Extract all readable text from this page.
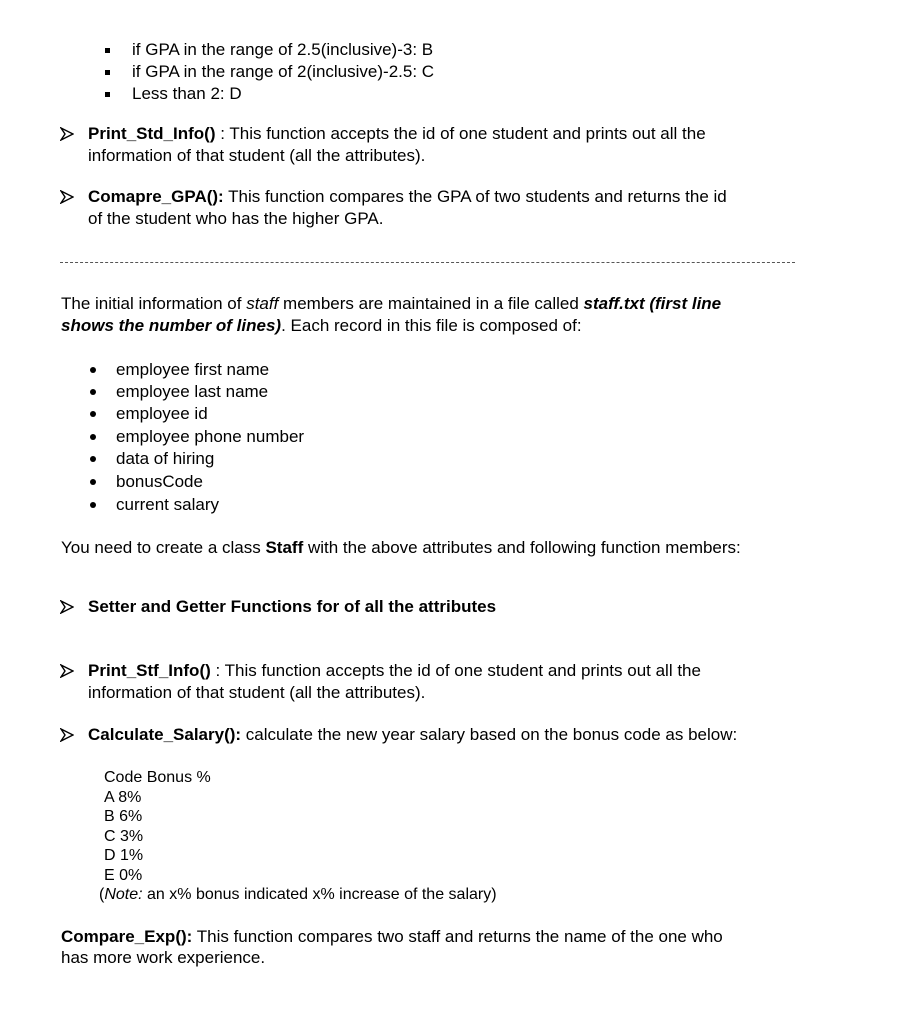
if GPA in the range of 2.5(inclusive)-3: B
if GPA in the range of 2(inclusive)-2.5: C
Less than 2: D
Print_Std_Info() : This function accepts the id of one student and prints out all the
information of that student (all the attributes).
Comapre_GPA(): This function compares the GPA of two students and returns the id
of the student who has the higher GPA.
The initial information of staff members are maintained in a file called staff.txt (first line
shows the number of lines). Each record in this file is composed of:
employee first name
employee last name
employee id
employee phone number
data of hiring
bonusCode
current salary
You need to create a class Staff with the above attributes and following function members:
Setter and Getter Functions for of all the attributes
Print_Stf_Info() : This function accepts the id of one student and prints out all the
information of that student (all the attributes).
Calculate_Salary(): calculate the new year salary based on the bonus code as below:
Code Bonus %
A 8%
B 6%
C 3%
D 1%
E 0%
(Note: an x% bonus indicated x% increase of the salary)
Compare_Exp(): This function compares two staff and returns the name of the one who
has more work experience.
